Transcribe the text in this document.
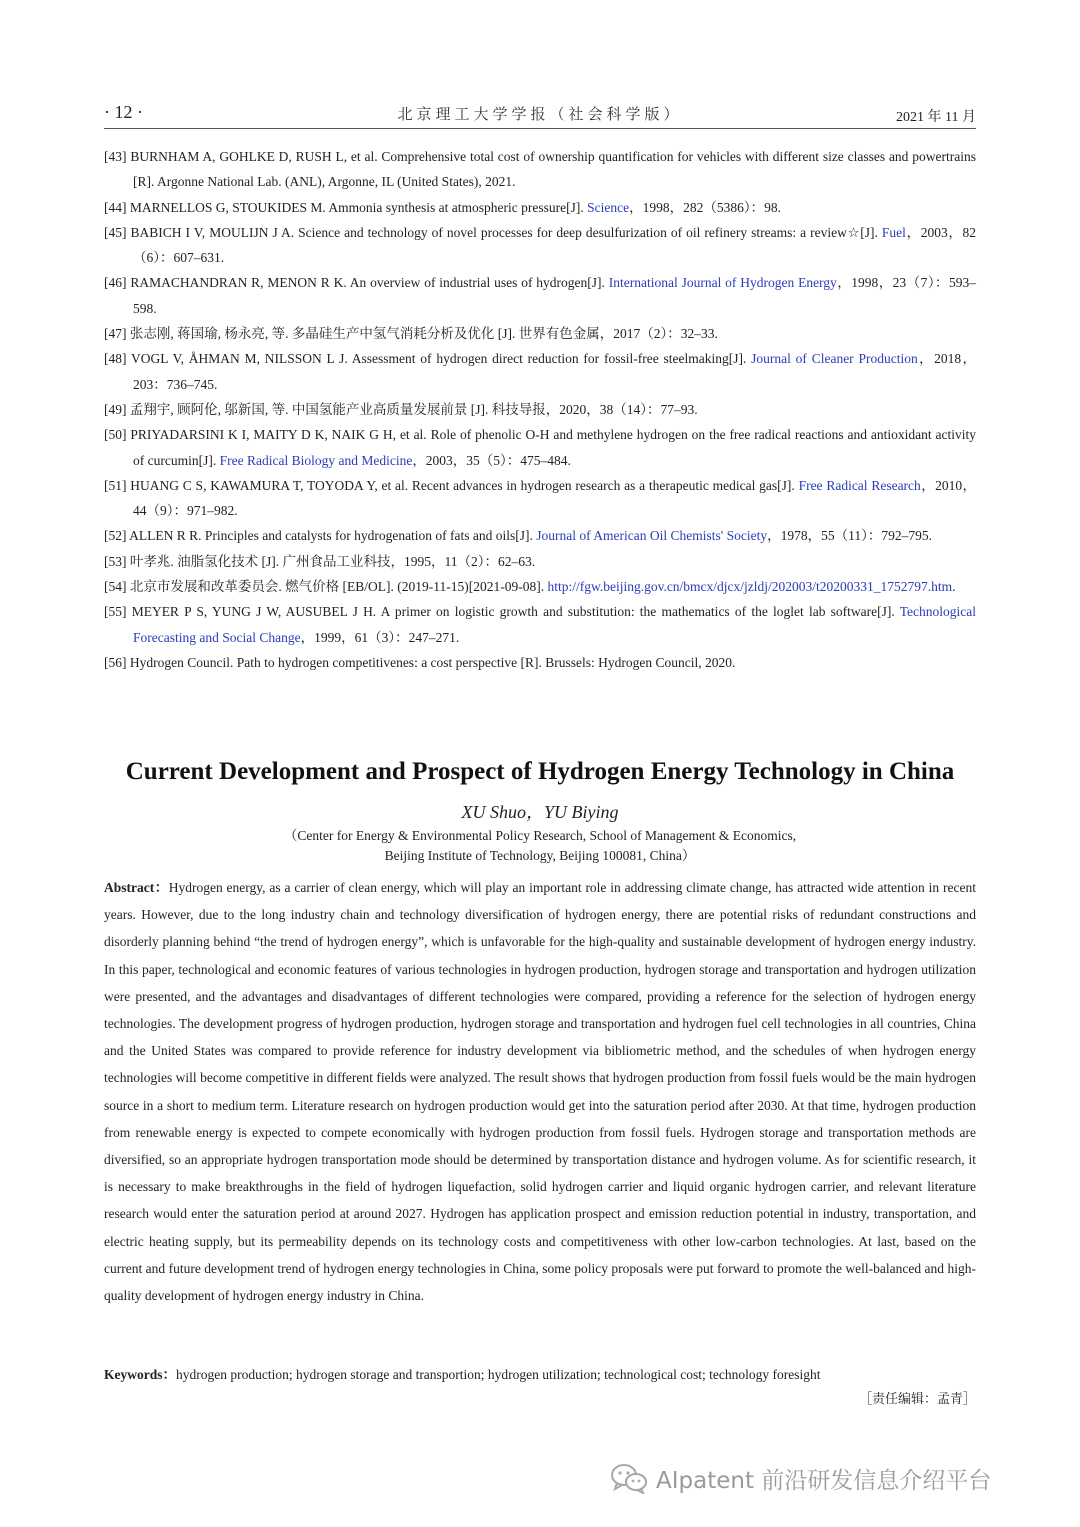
· 12 ·	北京理工大学学报（社会科学版）	2021 年 11 月
[43] BURNHAM A, GOHLKE D, RUSH L, et al. Comprehensive total cost of ownership quantification for vehicles with different size classes and powertrains [R]. Argonne National Lab. (ANL), Argonne, IL (United States), 2021.
[44] MARNELLOS G, STOUKIDES M. Ammonia synthesis at atmospheric pressure[J]. Science，1998，282（5386）：98.
[45] BABICH I V, MOULIJN J A. Science and technology of novel processes for deep desulfurization of oil refinery streams: a review☆[J]. Fuel，2003，82（6）：607–631.
[46] RAMACHANDRAN R, MENON R K. An overview of industrial uses of hydrogen[J]. International Journal of Hydrogen Energy，1998，23（7）：593–598.
[47] 张志刚, 蒋国瑜, 杨永亮, 等. 多晶硅生产中氢气消耗分析及优化 [J]. 世界有色金属，2017（2）：32–33.
[48] VOGL V, ÅHMAN M, NILSSON L J. Assessment of hydrogen direct reduction for fossil-free steelmaking[J]. Journal of Cleaner Production，2018，203：736–745.
[49] 孟翔宇, 顾阿伦, 邬新国, 等. 中国氢能产业高质量发展前景 [J]. 科技导报，2020，38（14）：77–93.
[50] PRIYADARSINI K I, MAITY D K, NAIK G H, et al. Role of phenolic O-H and methylene hydrogen on the free radical reactions and antioxidant activity of curcumin[J]. Free Radical Biology and Medicine，2003，35（5）：475–484.
[51] HUANG C S, KAWAMURA T, TOYODA Y, et al. Recent advances in hydrogen research as a therapeutic medical gas[J]. Free Radical Research，2010，44（9）：971–982.
[52] ALLEN R R. Principles and catalysts for hydrogenation of fats and oils[J]. Journal of American Oil Chemists' Society，1978，55（11）：792–795.
[53] 叶孝兆. 油脂氢化技术 [J]. 广州食品工业科技，1995，11（2）：62–63.
[54] 北京市发展和改革委员会. 燃气价格 [EB/OL]. (2019-11-15)[2021-09-08]. http://fgw.beijing.gov.cn/bmcx/djcx/jzldj/202003/t20200331_1752797.htm.
[55] MEYER P S, YUNG J W, AUSUBEL J H. A primer on logistic growth and substitution: the mathematics of the loglet lab software[J]. Technological Forecasting and Social Change，1999，61（3）：247–271.
[56] Hydrogen Council. Path to hydrogen competitivenes: a cost perspective [R]. Brussels: Hydrogen Council, 2020.
Current Development and Prospect of Hydrogen Energy Technology in China
XU Shuo，YU Biying
（Center for Energy & Environmental Policy Research, School of Management & Economics,
Beijing Institute of Technology, Beijing 100081, China）
Abstract：Hydrogen energy, as a carrier of clean energy, which will play an important role in addressing climate change, has attracted wide attention in recent years. However, due to the long industry chain and technology diversification of hydrogen energy, there are potential risks of redundant constructions and disorderly planning behind “the trend of hydrogen energy”, which is unfavorable for the high-quality and sustainable development of hydrogen energy industry. In this paper, technological and economic features of various technologies in hydrogen production, hydrogen storage and transportation and hydrogen utilization were presented, and the advantages and disadvantages of different technologies were compared, providing a reference for the selection of hydrogen energy technologies. The development progress of hydrogen production, hydrogen storage and transportation and hydrogen fuel cell technologies in all countries, China and the United States was compared to provide reference for industry development via bibliometric method, and the schedules of when hydrogen energy technologies will become competitive in different fields were analyzed. The result shows that hydrogen production from fossil fuels would be the main hydrogen source in a short to medium term. Literature research on hydrogen production would get into the saturation period after 2030. At that time, hydrogen production from renewable energy is expected to compete economically with hydrogen production from fossil fuels. Hydrogen storage and transportation methods are diversified, so an appropriate hydrogen transportation mode should be determined by transportation distance and hydrogen volume. As for scientific research, it is necessary to make breakthroughs in the field of hydrogen liquefaction, solid hydrogen carrier and liquid organic hydrogen carrier, and relevant literature research would enter the saturation period at around 2027. Hydrogen has application prospect and emission reduction potential in industry, transportation, and electric heating supply, but its permeability depends on its technology costs and competitiveness with other low-carbon technologies. At last, based on the current and future development trend of hydrogen energy technologies in China, some policy proposals were put forward to promote the well-balanced and high-quality development of hydrogen energy industry in China.
Keywords：hydrogen production; hydrogen storage and transportion; hydrogen utilization; technological cost; technology foresight
［责任编辑：孟青］
AIpatent 前沿研发信息介绍平台
